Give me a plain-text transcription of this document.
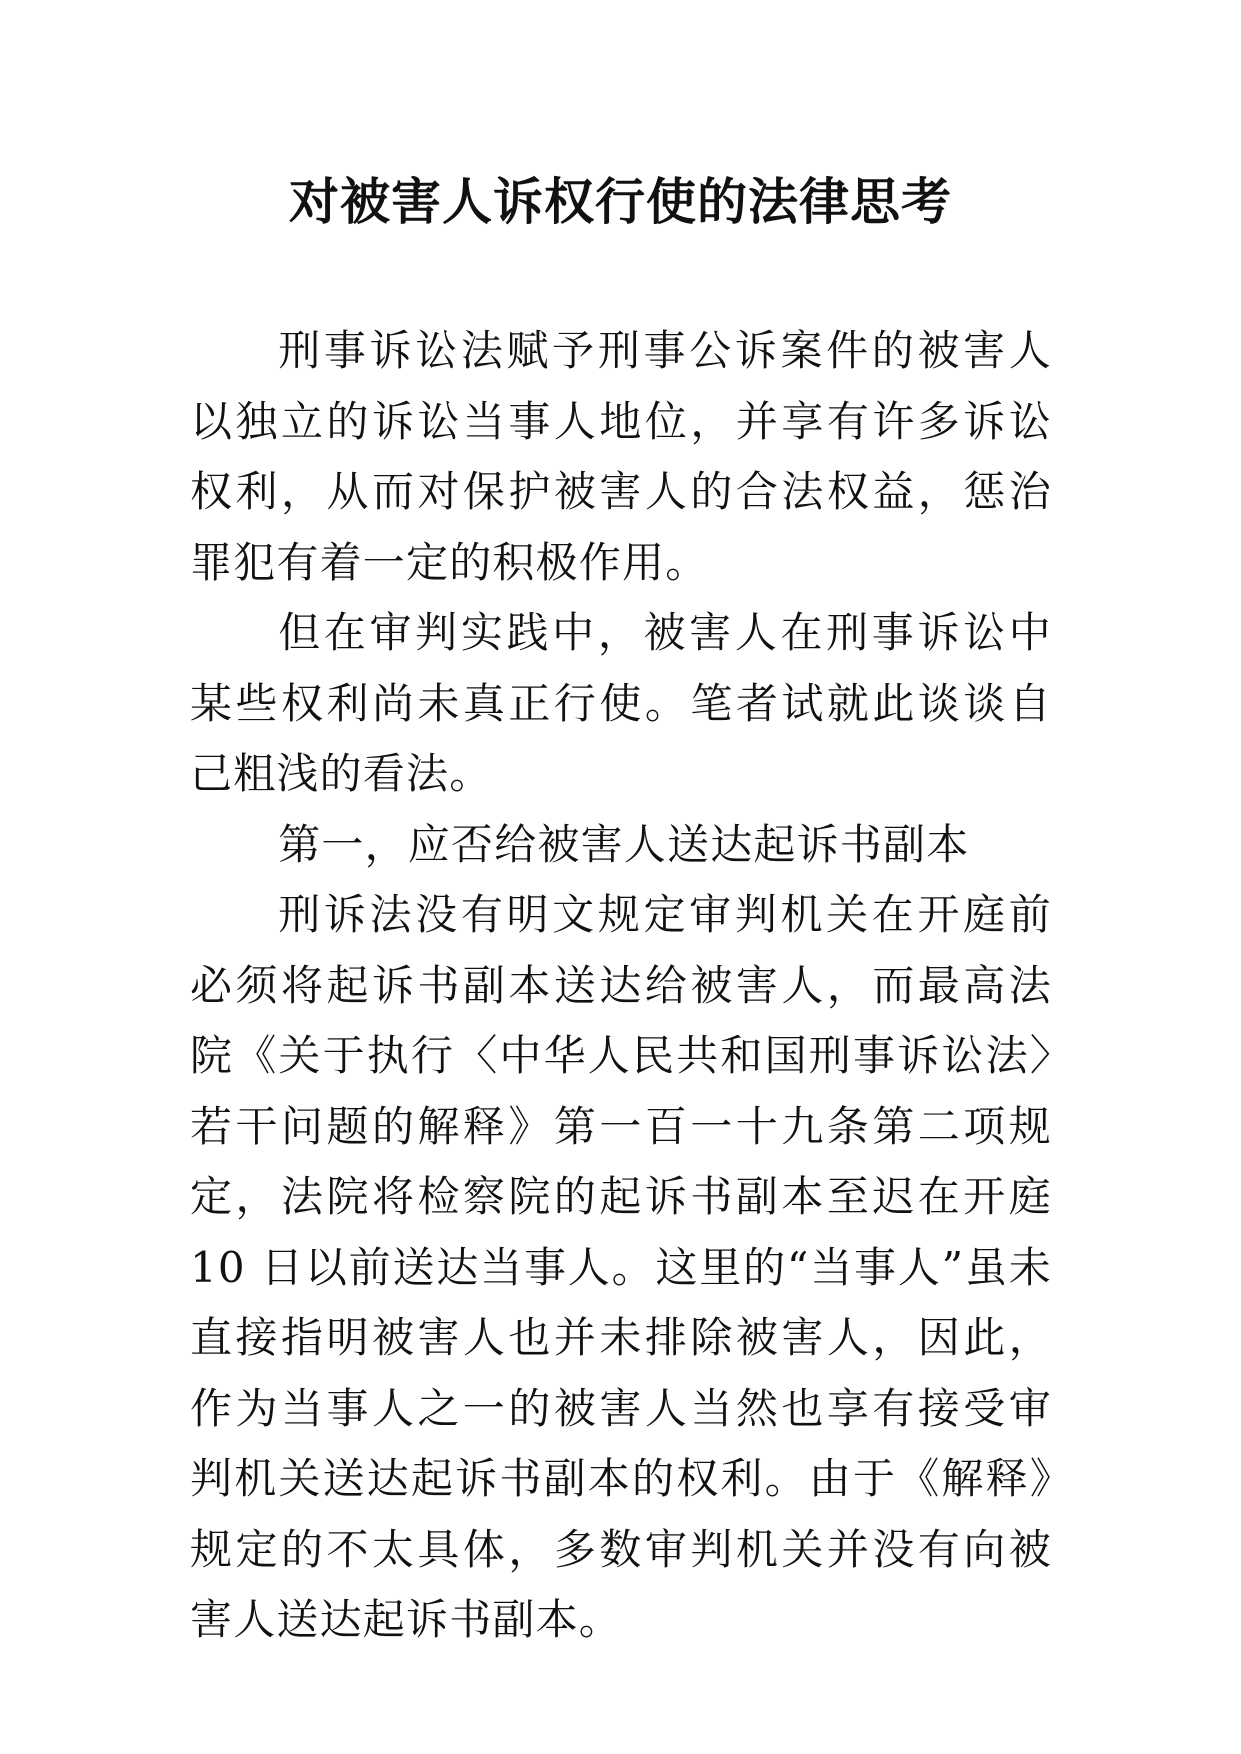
对被害人诉权行使的法律思考

刑事诉讼法赋予刑事公诉案件的被害人以独立的诉讼当事人地位，并享有许多诉讼权利，从而对保护被害人的合法权益，惩治罪犯有着一定的积极作用。

但在审判实践中，被害人在刑事诉讼中某些权利尚未真正行使。笔者试就此谈谈自己粗浅的看法。

第一，应否给被害人送达起诉书副本

刑诉法没有明文规定审判机关在开庭前必须将起诉书副本送达给被害人，而最高法院《关于执行〈中华人民共和国刑事诉讼法〉若干问题的解释》第一百一十九条第二项规定，法院将检察院的起诉书副本至迟在开庭 10 日以前送达当事人。这里的“当事人”虽未直接指明被害人也并未排除被害人，因此，作为当事人之一的被害人当然也享有接受审判机关送达起诉书副本的权利。由于《解释》规定的不太具体，多数审判机关并没有向被害人送达起诉书副本。
